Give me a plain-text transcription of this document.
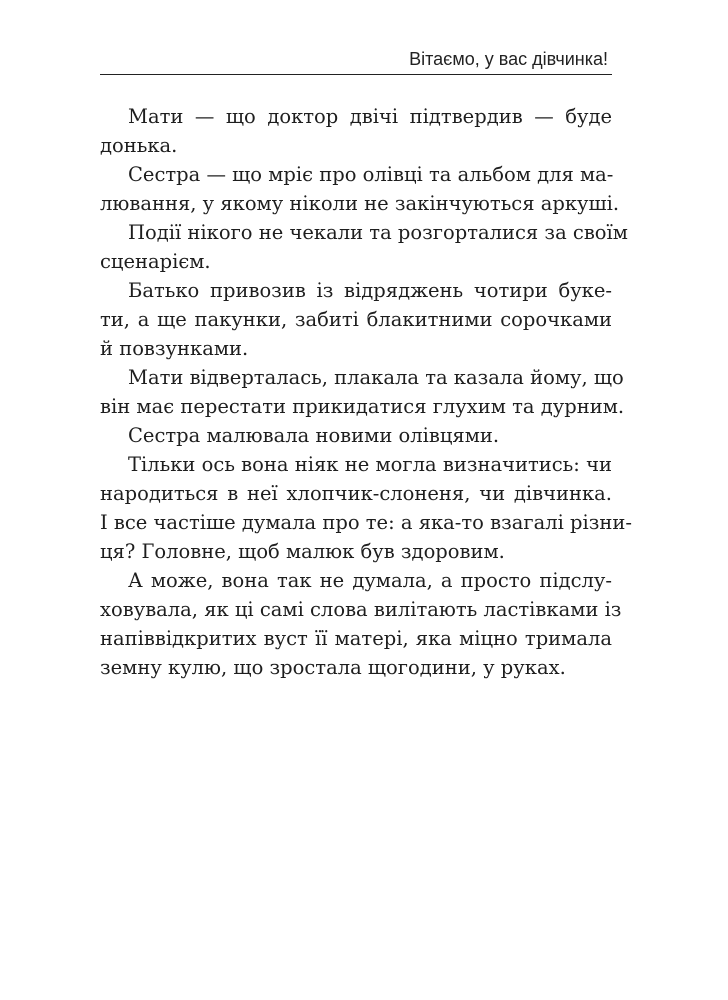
Вітаємо, у вас дівчинка!
Мати — що доктор двічі підтвердив — буде
донька.
Сестра — що мріє про олівці та альбом для ма-
лювання, у якому ніколи не закінчуються аркуші.
Події нікого не чекали та розгорталися за своїм
сценарієм.
Батько привозив із відряджень чотири букe-
ти, а ще пакунки, забиті блакитними сорочками
й повзунками.
Мати відверталась, плакала та казала йому, що
він має перестати прикидатися глухим та дурним.
Сестра малювала новими олівцями.
Тільки ось вона ніяк не могла визначитись: чи
народиться в неї хлопчик-слоненя, чи дівчинка.
І все частіше думала про те: а яка-то взагалі різни-
ця? Головне, щоб малюк був здоровим.
А може, вона так не думала, а просто підслу-
ховувала, як ці самі слова вилітають ластівками із
напіввідкритих вуст її матері, яка міцно тримала
земну кулю, що зростала щогодини, у руках.
